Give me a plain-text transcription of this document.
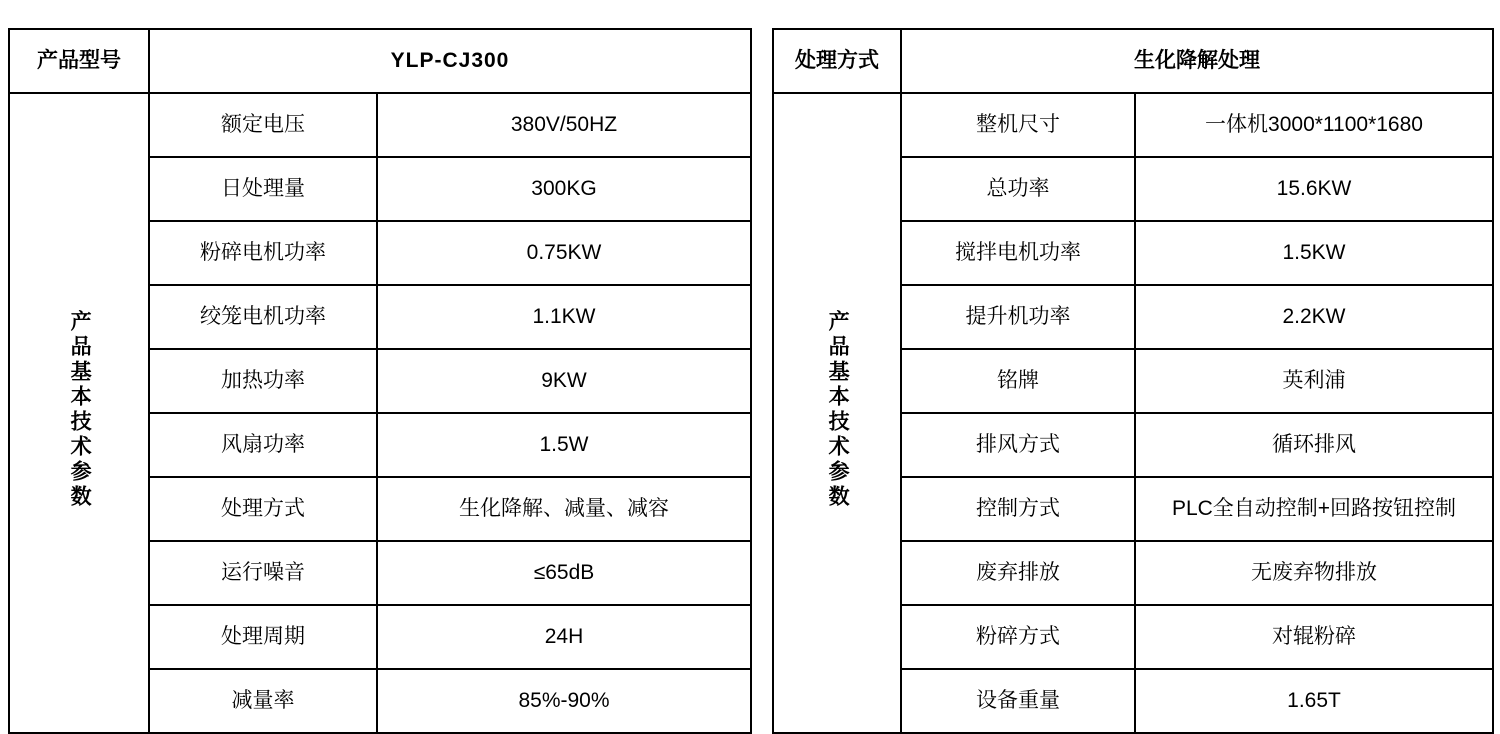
产品型号	YLP-CJ300			处理方式	生化降解处理	
产品基本技术参数	额定电压	380V/50HZ		产品基本技术参数	整机尺寸	一体机3000*1100*1680
	日处理量	300KG			总功率	15.6KW
	粉碎电机功率	0.75KW			搅拌电机功率	1.5KW
	绞笼电机功率	1.1KW			提升机功率	2.2KW
	加热功率	9KW			铭牌	英利浦
	风扇功率	1.5W			排风方式	循环排风
	处理方式	生化降解、减量、减容			控制方式	PLC全自动控制+回路按钮控制
	运行噪音	≤65dB			废弃排放	无废弃物排放
	处理周期	24H			粉碎方式	对辊粉碎
	减量率	85%-90%			设备重量	1.65T
